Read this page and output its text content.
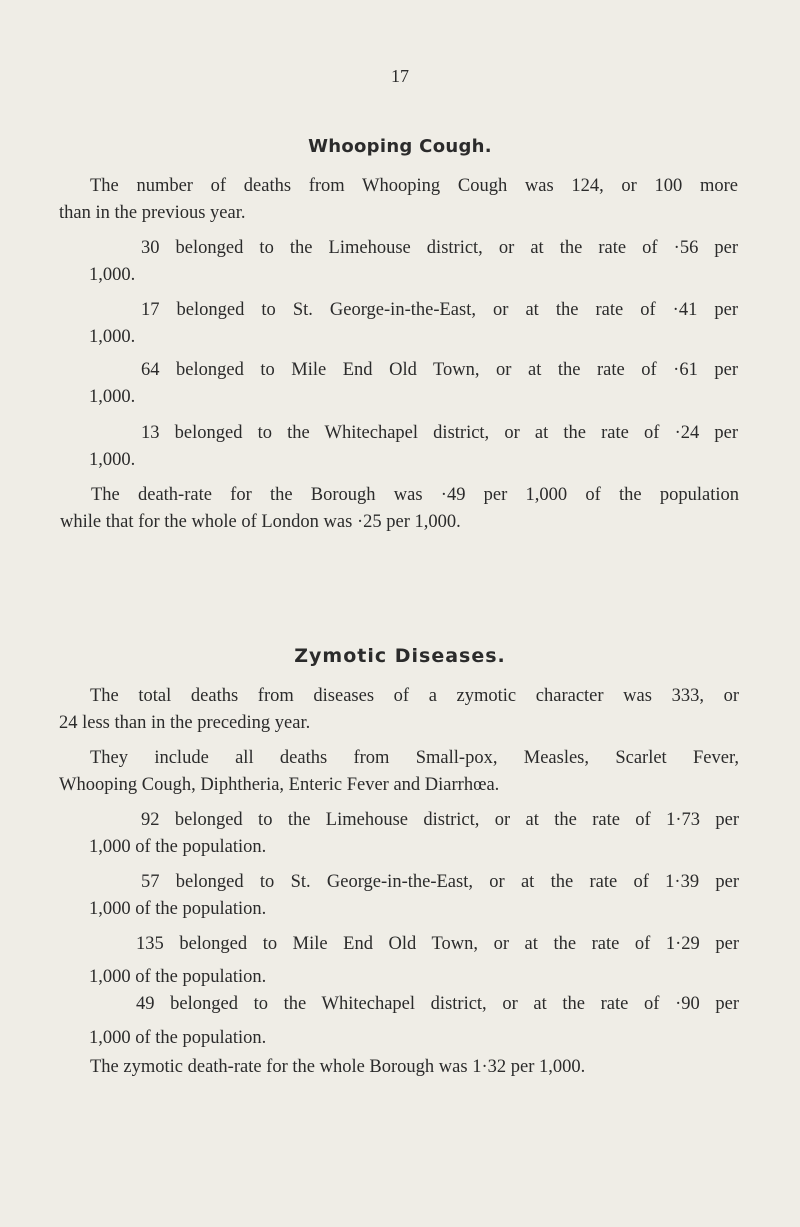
17
Whooping Cough.
The number of deaths from Whooping Cough was 124, or 100 more
than in the previous year.
30 belonged to the Limehouse district, or at the rate of ·56 per
1,000.
17 belonged to St. George-in-the-East, or at the rate of ·41 per
1,000.
64 belonged to Mile End Old Town, or at the rate of ·61 per
1,000.
13 belonged to the Whitechapel district, or at the rate of ·24 per
1,000.
The death-rate for the Borough was ·49 per 1,000 of the population
while that for the whole of London was ·25 per 1,000.
Zymotic Diseases.
The total deaths from diseases of a zymotic character was 333, or
24 less than in the preceding year.
They include all deaths from Small-pox, Measles, Scarlet Fever,
Whooping Cough, Diphtheria, Enteric Fever and Diarrhœa.
92 belonged to the Limehouse district, or at the rate of 1·73 per
1,000 of the population.
57 belonged to St. George-in-the-East, or at the rate of 1·39 per
1,000 of the population.
135 belonged to Mile End Old Town, or at the rate of 1·29 per
1,000 of the population.
49 belonged to the Whitechapel district, or at the rate of ·90 per
1,000 of the population.
The zymotic death-rate for the whole Borough was 1·32 per 1,000.
